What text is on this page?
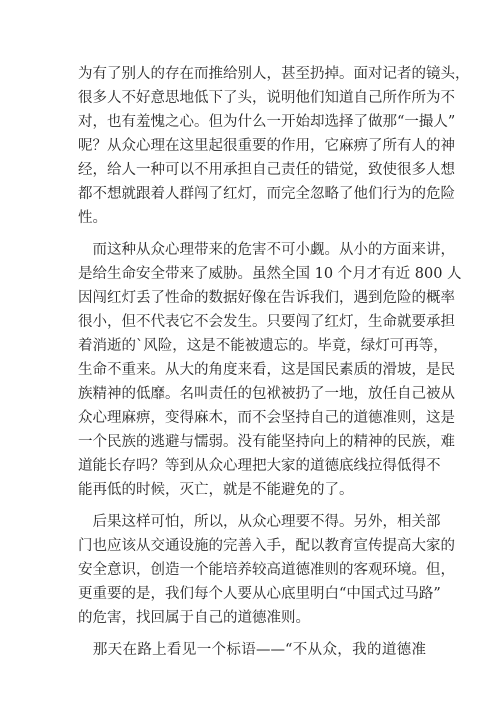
为有了别人的存在而推给别人，甚至扔掉。面对记者的镜头，
很多人不好意思地低下了头，说明他们知道自己所作所为不
对，也有羞愧之心。但为什么一开始却选择了做那“一撮人”
呢？从众心理在这里起很重要的作用，它麻痹了所有人的神
经，给人一种可以不用承担自己责任的错觉，致使很多人想
都不想就跟着人群闯了红灯，而完全忽略了他们行为的危险
性。
　而这种从众心理带来的危害不可小觑。从小的方面来讲，
是给生命安全带来了威胁。虽然全国 10 个月才有近 800 人
因闯红灯丢了性命的数据好像在告诉我们，遇到危险的概率
很小，但不代表它不会发生。只要闯了红灯，生命就要承担
着消逝的`风险，这是不能被遗忘的。毕竟，绿灯可再等，
生命不重来。从大的角度来看，这是国民素质的滑坡，是民
族精神的低靡。名叫责任的包袱被扔了一地，放任自己被从
众心理麻痹，变得麻木，而不会坚持自己的道德准则，这是
一个民族的逃避与懦弱。没有能坚持向上的精神的民族，难
道能长存吗？等到从众心理把大家的道德底线拉得低得不
能再低的时候，灭亡，就是不能避免的了。
　后果这样可怕，所以，从众心理要不得。另外，相关部
门也应该从交通设施的完善入手，配以教育宣传提高大家的
安全意识，创造一个能培养较高道德准则的客观环境。但，
更重要的是，我们每个人要从心底里明白“中国式过马路”
的危害，找回属于自己的道德准则。
　那天在路上看见一个标语——“不从众，我的道德准
